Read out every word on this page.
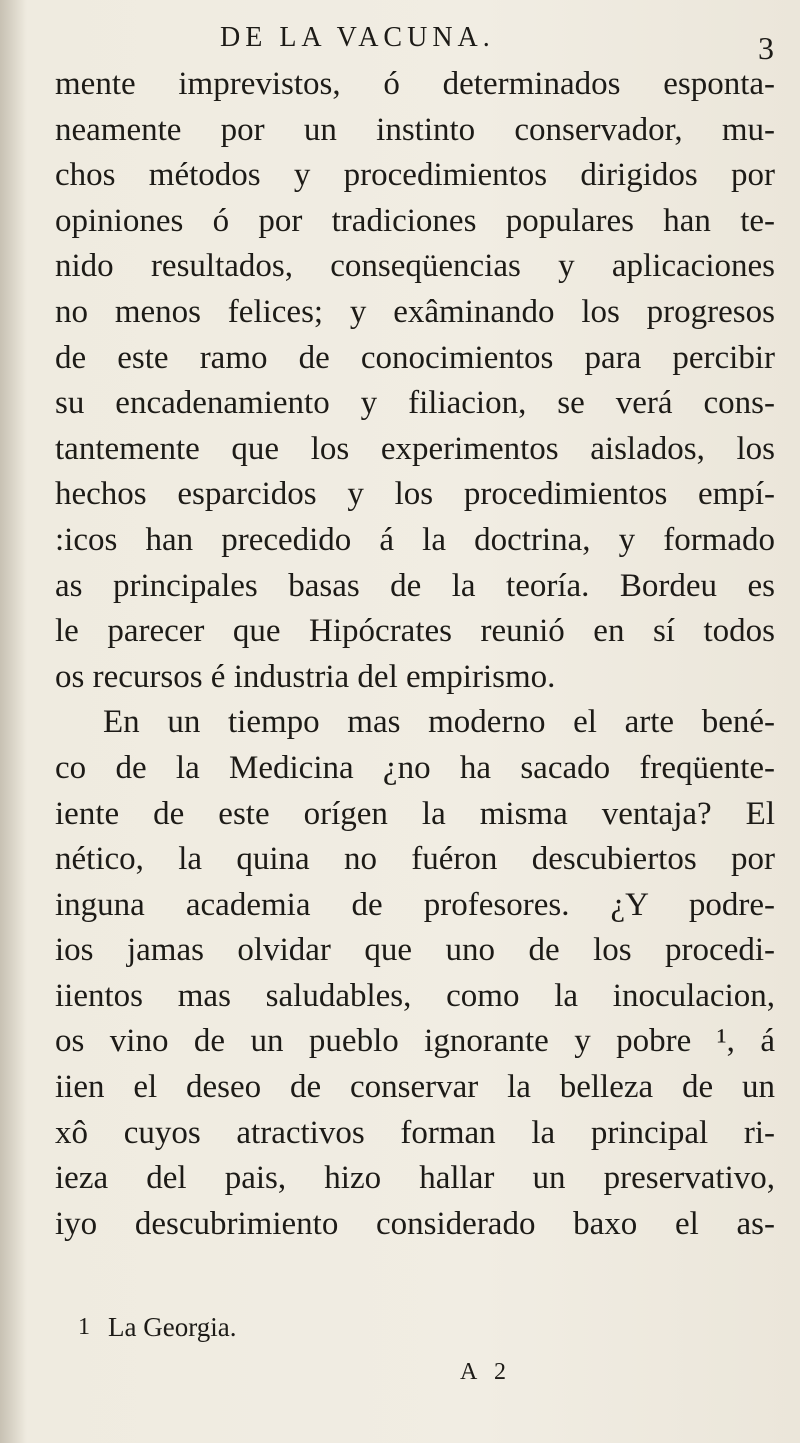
DE LA VACUNA.	3
mente imprevistos, ó determinados esponta-
neamente por un instinto conservador, mu-
chos métodos y procedimientos dirigidos por
opiniones ó por tradiciones populares han te-
nido resultados, conseqüencias y aplicaciones
no menos felices; y exâminando los progresos
de este ramo de conocimientos para percibir
su encadenamiento y filiacion, se verá cons-
tantemente que los experimentos aislados, los
hechos esparcidos y los procedimientos empí-
:icos han precedido á la doctrina, y formado
as principales basas de la teoría. Bordeu es
le parecer que Hipócrates reunió en sí todos
os recursos é industria del empirismo.
En un tiempo mas moderno el arte bené-
co de la Medicina ¿no ha sacado freqüente-
iente de este orígen la misma ventaja? El
nético, la quina no fuéron descubiertos por
inguna academia de profesores. ¿Y podre-
ios jamas olvidar que uno de los procedi-
iientos mas saludables, como la inoculacion,
os vino de un pueblo ignorante y pobre ¹, á
iien el deseo de conservar la belleza de un
xô cuyos atractivos forman la principal ri-
ieza del pais, hizo hallar un preservativo,
iyo descubrimiento considerado baxo el as-
1 La Georgia.
A 2
